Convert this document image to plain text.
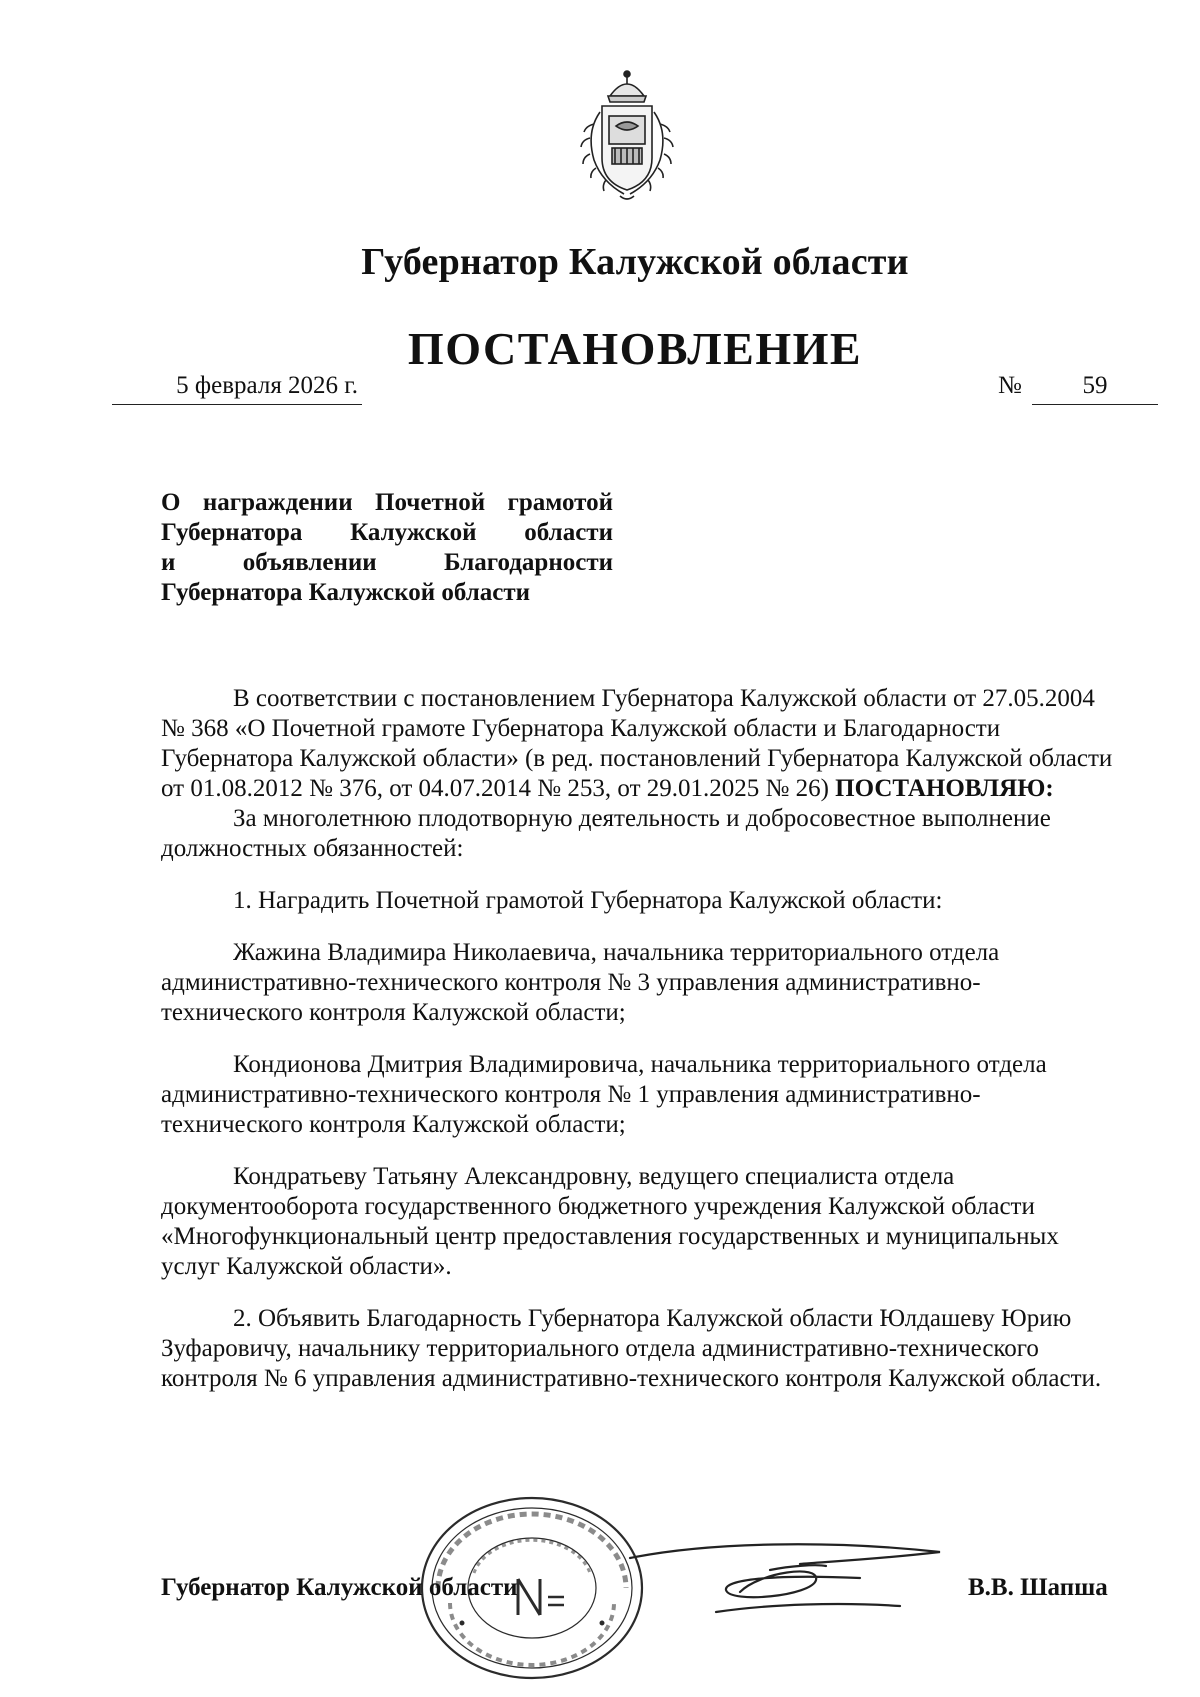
Губернатор Калужской области
ПОСТАНОВЛЕНИЕ
5 февраля 2026 г.	№	59
О награждении Почетной грамотой
Губернатора Калужской области
и объявлении Благодарности
Губернатора Калужской области

В соответствии с постановлением Губернатора Калужской области от 27.05.2004 № 368 «О Почетной грамоте Губернатора Калужской области и Благодарности Губернатора Калужской области» (в ред. постановлений Губернатора Калужской области от 01.08.2012 № 376, от 04.07.2014 № 253, от 29.01.2025 № 26) ПОСТАНОВЛЯЮ:

За многолетнюю плодотворную деятельность и добросовестное выполнение должностных обязанностей:

1. Наградить Почетной грамотой Губернатора Калужской области:

Жажина Владимира Николаевича, начальника территориального отдела административно-технического контроля № 3 управления административно-технического контроля Калужской области;

Кондионова Дмитрия Владимировича, начальника территориального отдела административно-технического контроля № 1 управления административно-технического контроля Калужской области;

Кондратьеву Татьяну Александровну, ведущего специалиста отдела документооборота государственного бюджетного учреждения Калужской области «Многофункциональный центр предоставления государственных и муниципальных услуг Калужской области».

2. Объявить Благодарность Губернатора Калужской области Юлдашеву Юрию Зуфаровичу, начальнику территориального отдела административно-технического контроля № 6 управления административно-технического контроля Калужской области.

Губернатор Калужской области	В.В. Шапша
